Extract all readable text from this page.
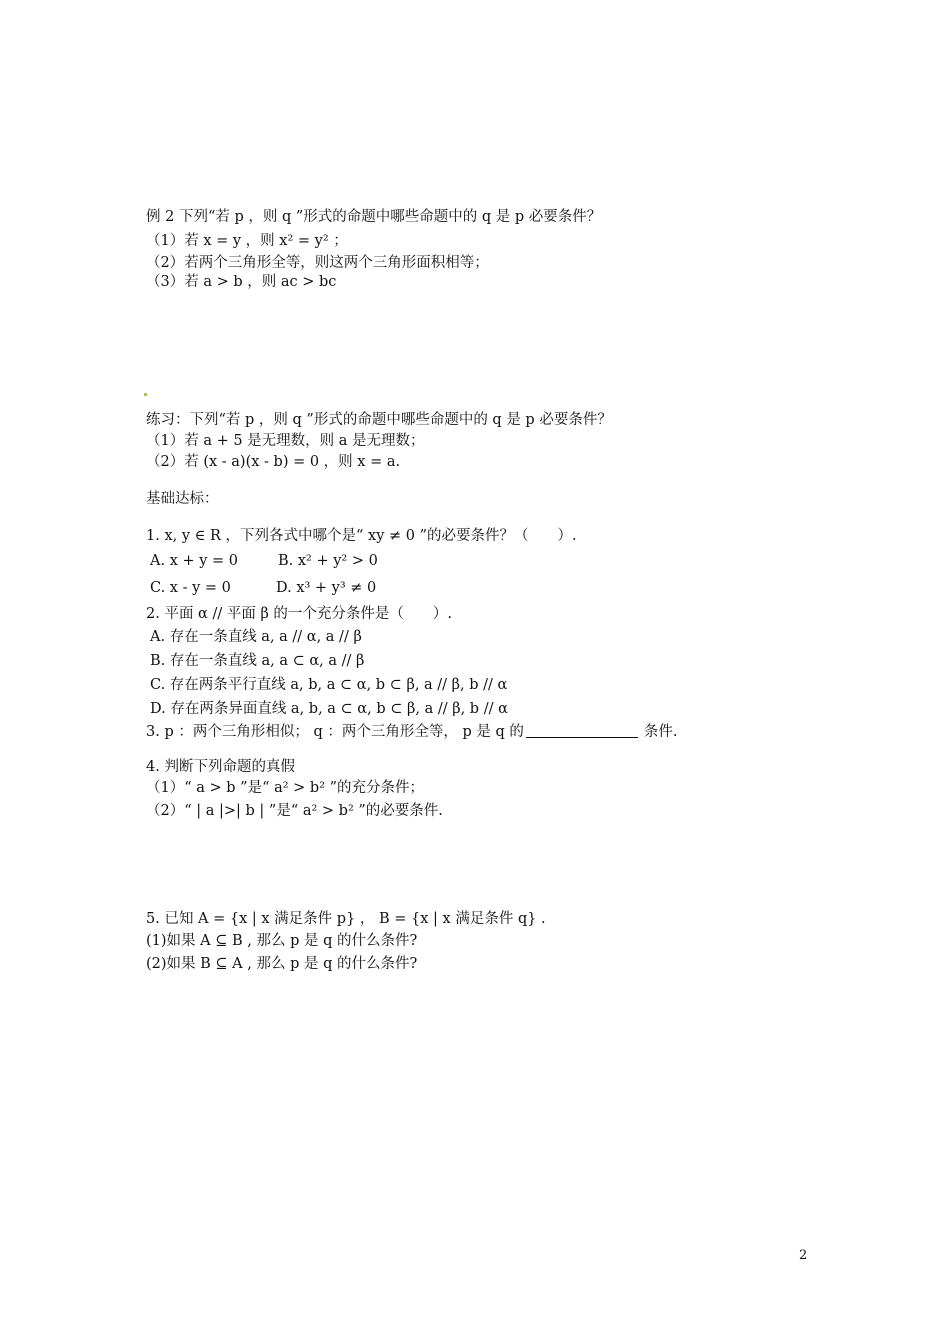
例 2 下列“若 p ，则 q ”形式的命题中哪些命题中的 q 是 p 必要条件？
（1）若 x = y ，则 x² = y² ；
（2）若两个三角形全等，则这两个三角形面积相等；
（3）若 a > b ，则 ac > bc
练习：下列“若 p ，则 q ”形式的命题中哪些命题中的 q 是 p 必要条件？
（1）若 a + 5 是无理数，则 a 是无理数；
（2）若 (x - a)(x - b) = 0 ，则 x = a.
基础达标：
1. x, y ∈ R ，下列各式中哪个是“ xy ≠ 0 ”的必要条件？（　　）.
A. x + y = 0	B. x² + y² > 0
C. x - y = 0	D. x³ + y³ ≠ 0
2. 平面 α // 平面 β 的一个充分条件是（　　）.
A. 存在一条直线 a, a // α, a // β
B. 存在一条直线 a, a ⊂ α, a // β
C. 存在两条平行直线 a, b, a ⊂ α, b ⊂ β, a // β, b // α
D. 存在两条异面直线 a, b, a ⊂ α, b ⊂ β, a // β, b // α
3. p ：两个三角形相似； q ：两个三角形全等， p 是 q 的	条件.
4. 判断下列命题的真假
（1）“ a > b ”是“ a² > b² ”的充分条件；
（2）“ | a |>| b | ”是“ a² > b² ”的必要条件.
5. 已知 A = {x | x 满足条件 p} ， B = {x | x 满足条件 q} .
(1)如果 A ⊆ B , 那么 p 是 q 的什么条件?
(2)如果 B ⊆ A , 那么 p 是 q 的什么条件?
2
